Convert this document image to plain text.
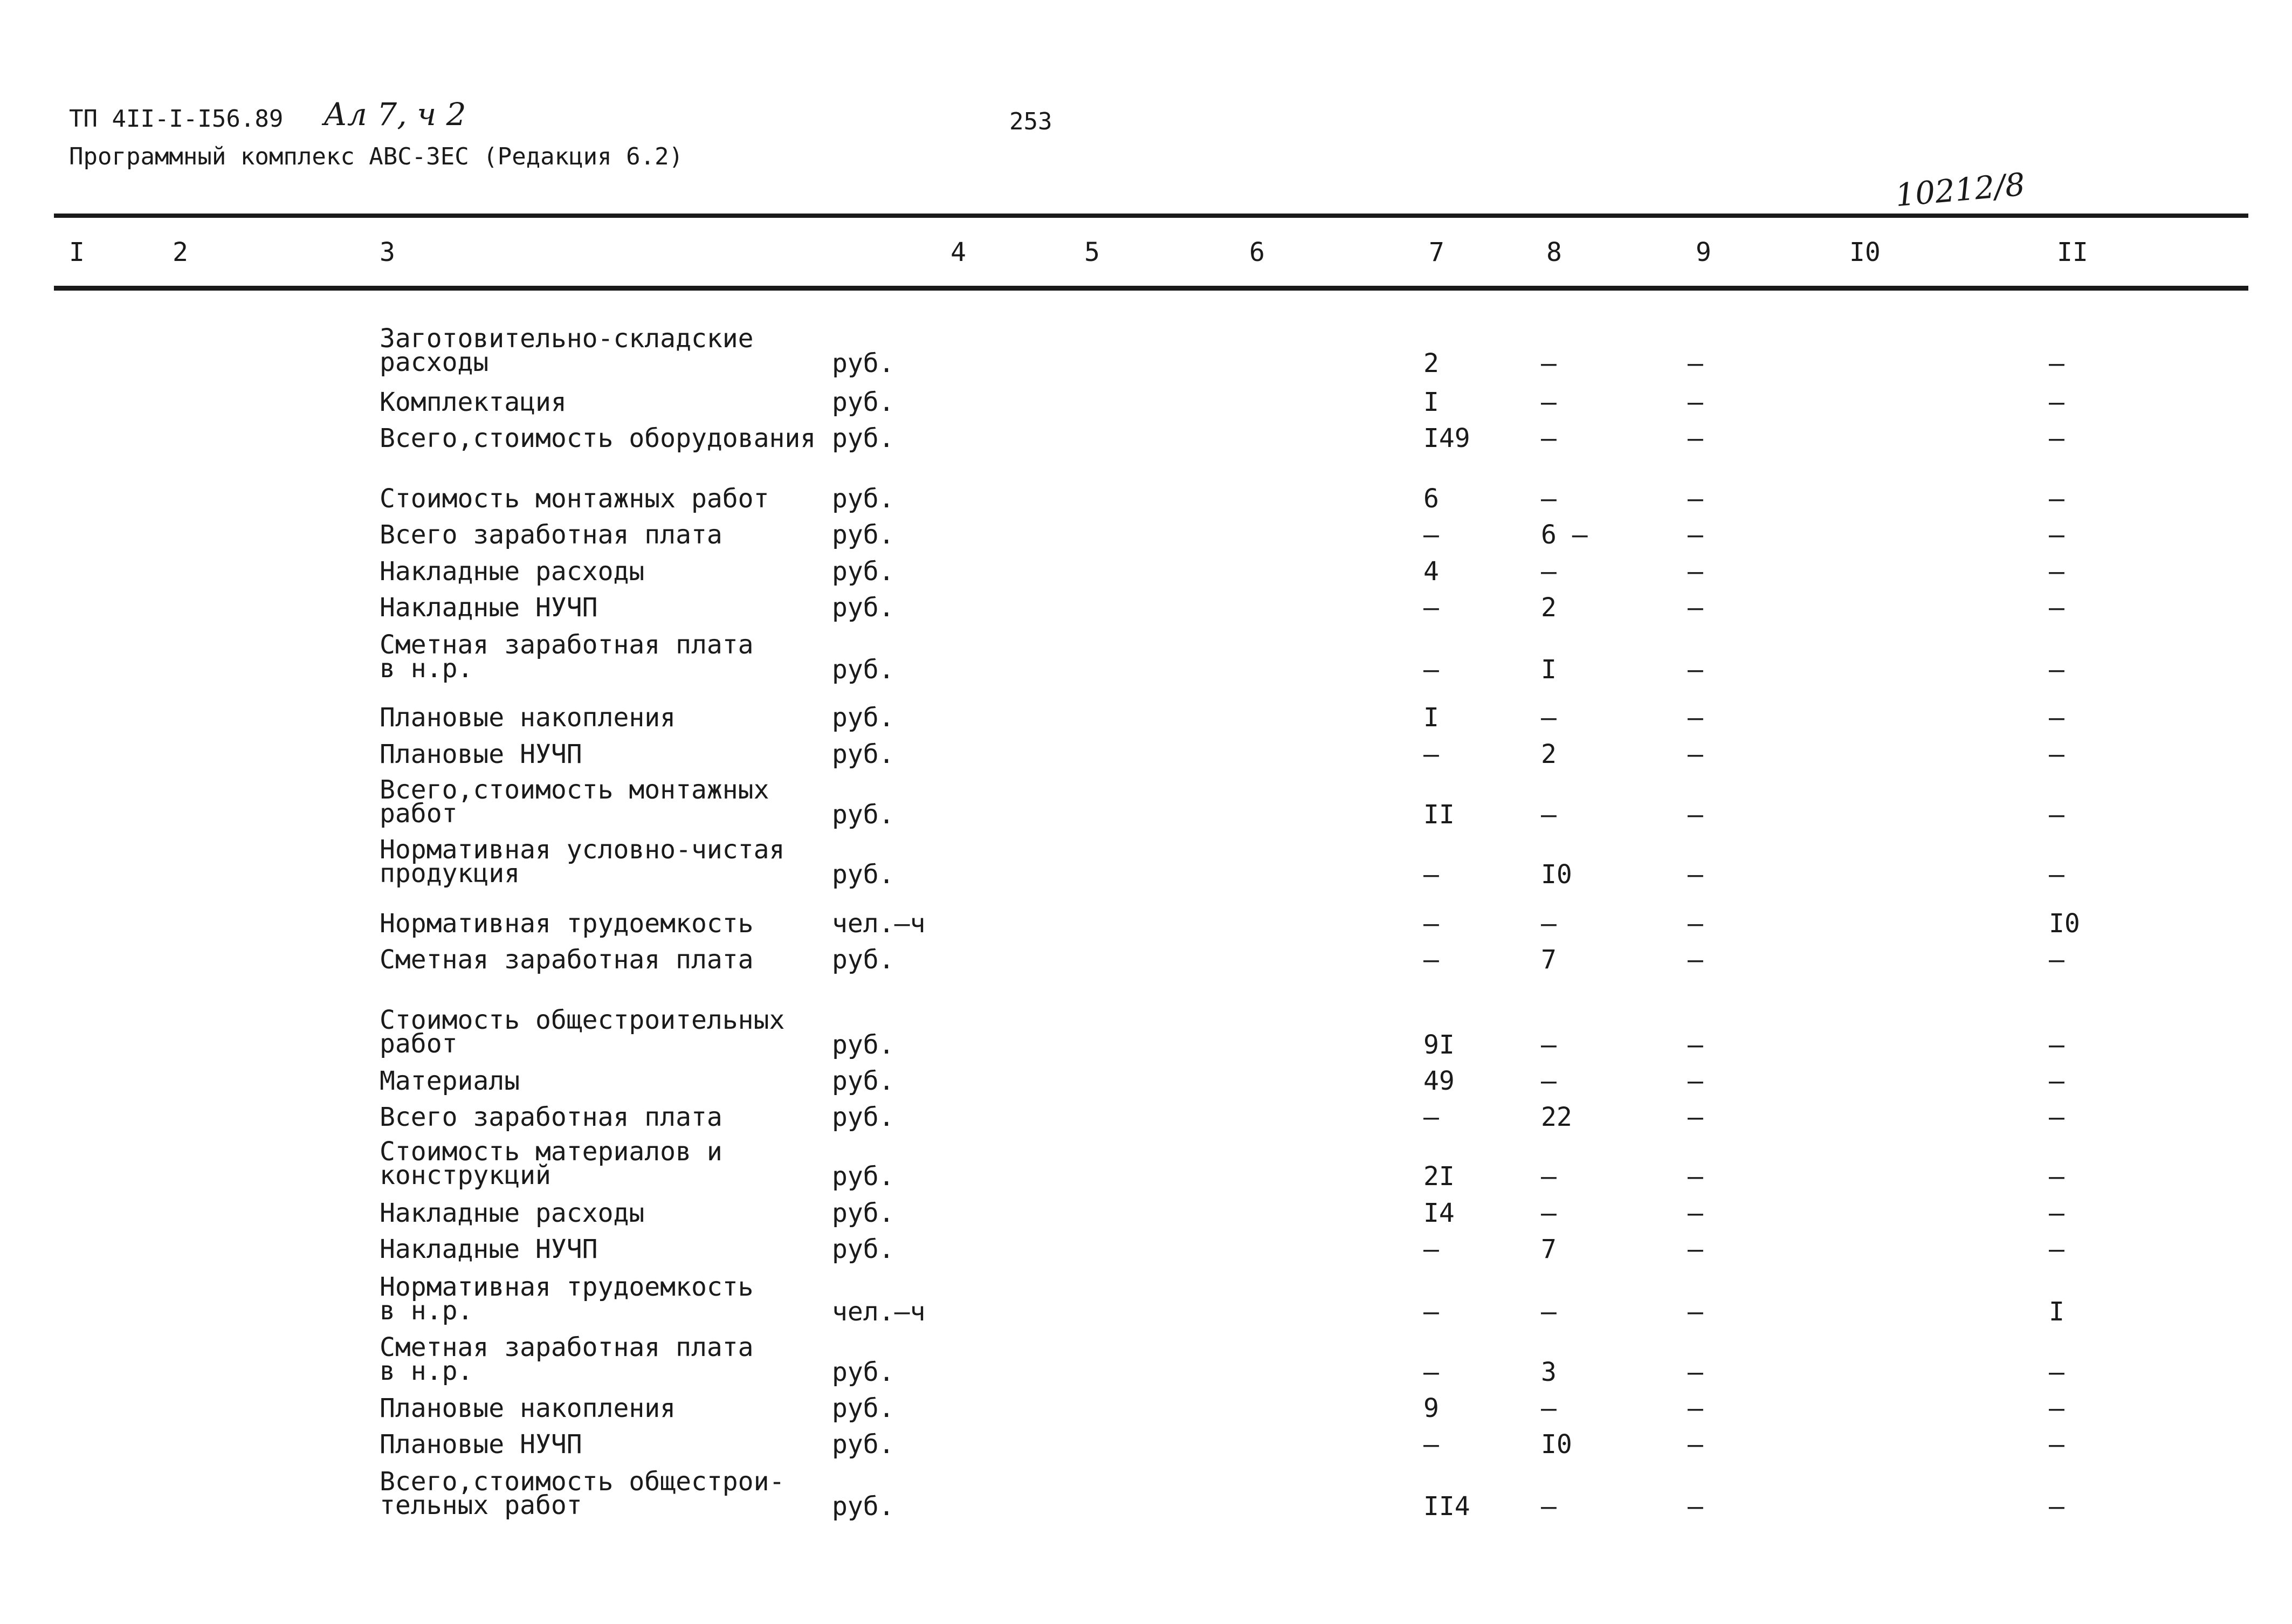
ТП 4II-I-I56.89 Ал 7, ч 2
Программный комплекс АВС-3ЕС (Редакция 6.2)
253
10212/8
I	2	3	4	5	6	7	8	9	I0	II
Заготовительно-складские
расходы	руб.	2	–	–	–
Комплектация	руб.	I	–	–	–
Всего,стоимость оборудования руб.	I49	–	–	–
Стоимость монтажных работ руб.	6	–	–	–
Всего заработная плата	руб.	–	6 –	–	–
Накладные расходы	руб.	4	–	–	–
Накладные НУЧП	руб.	–	2	–	–
Сметная заработная плата
в н.р.	руб.	–	I	–	–
Плановые накопления	руб.	I	–	–	–
Плановые НУЧП	руб.	–	2	–	–
Всего,стоимость монтажных
работ	руб.	II	–	–	–
Нормативная условно-чистая
продукция	руб.	–	I0	–	–
Нормативная трудоемкость	чел.–ч	–	–	–	I0
Сметная заработная плата	руб.	–	7	–	–
Стоимость общестроительных
работ	руб.	9I	–	–	–
Материалы	руб.	49	–	–	–
Всего заработная плата	руб.	–	22	–	–
Стоимость материалов и
конструкций	руб.	2I	–	–	–
Накладные расходы	руб.	I4	–	–	–
Накладные НУЧП	руб.	–	7	–	–
Нормативная трудоемкость
в н.р.	чел.–ч	–	–	–	I
Сметная заработная плата
в н.р.	руб.	–	3	–	–
Плановые накопления	руб.	9	–	–	–
Плановые НУЧП	руб.	–	I0	–	–
Всего,стоимость общестрои-
тельных работ	руб.	II4	–	–	–
